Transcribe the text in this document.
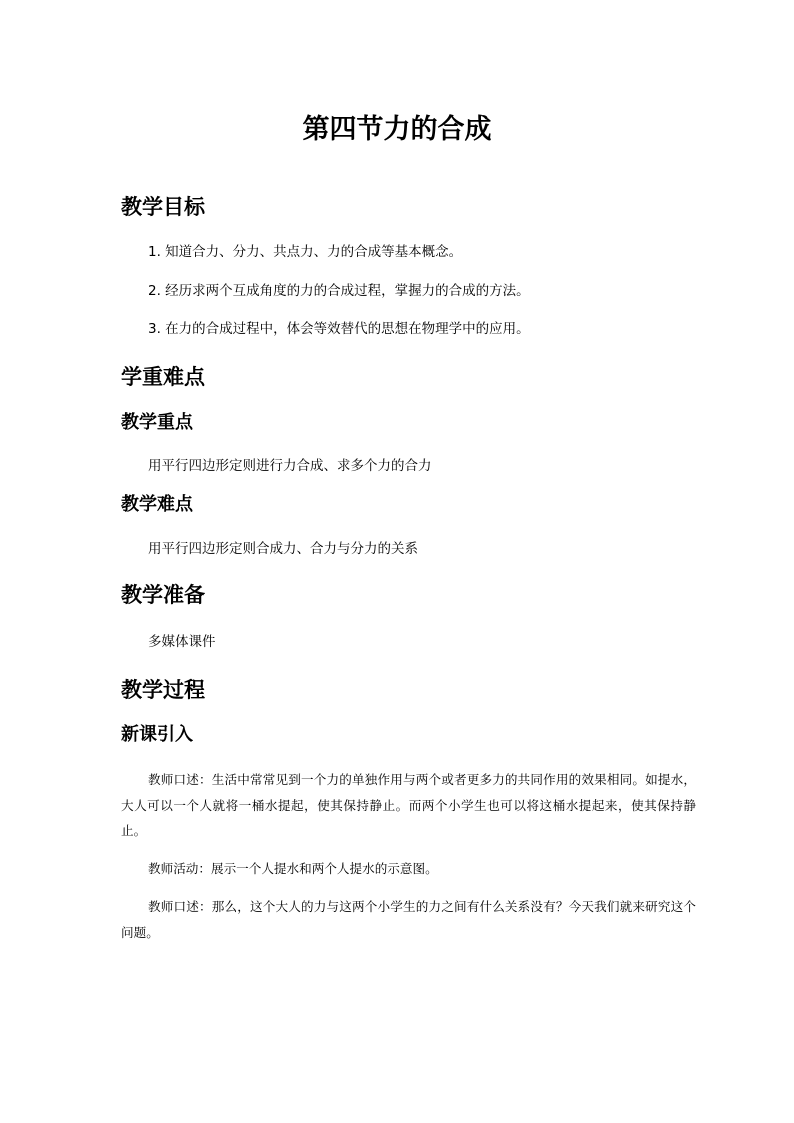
第四节力的合成
教学目标

1. 知道合力、分力、共点力、力的合成等基本概念。

2. 经历求两个互成角度的力的合成过程，掌握力的合成的方法。

3. 在力的合成过程中，体会等效替代的思想在物理学中的应用。

学重难点
教学重点

用平行四边形定则进行力合成、求多个力的合力

教学难点

用平行四边形定则合成力、合力与分力的关系

教学准备

多媒体课件

教学过程
新课引入

教师口述：生活中常常见到一个力的单独作用与两个或者更多力的共同作用的效果相同。如提水，大人可以一个人就将一桶水提起，使其保持静止。而两个小学生也可以将这桶水提起来，使其保持静止。

教师活动：展示一个人提水和两个人提水的示意图。

教师口述：那么，这个大人的力与这两个小学生的力之间有什么关系没有？今天我们就来研究这个问题。
